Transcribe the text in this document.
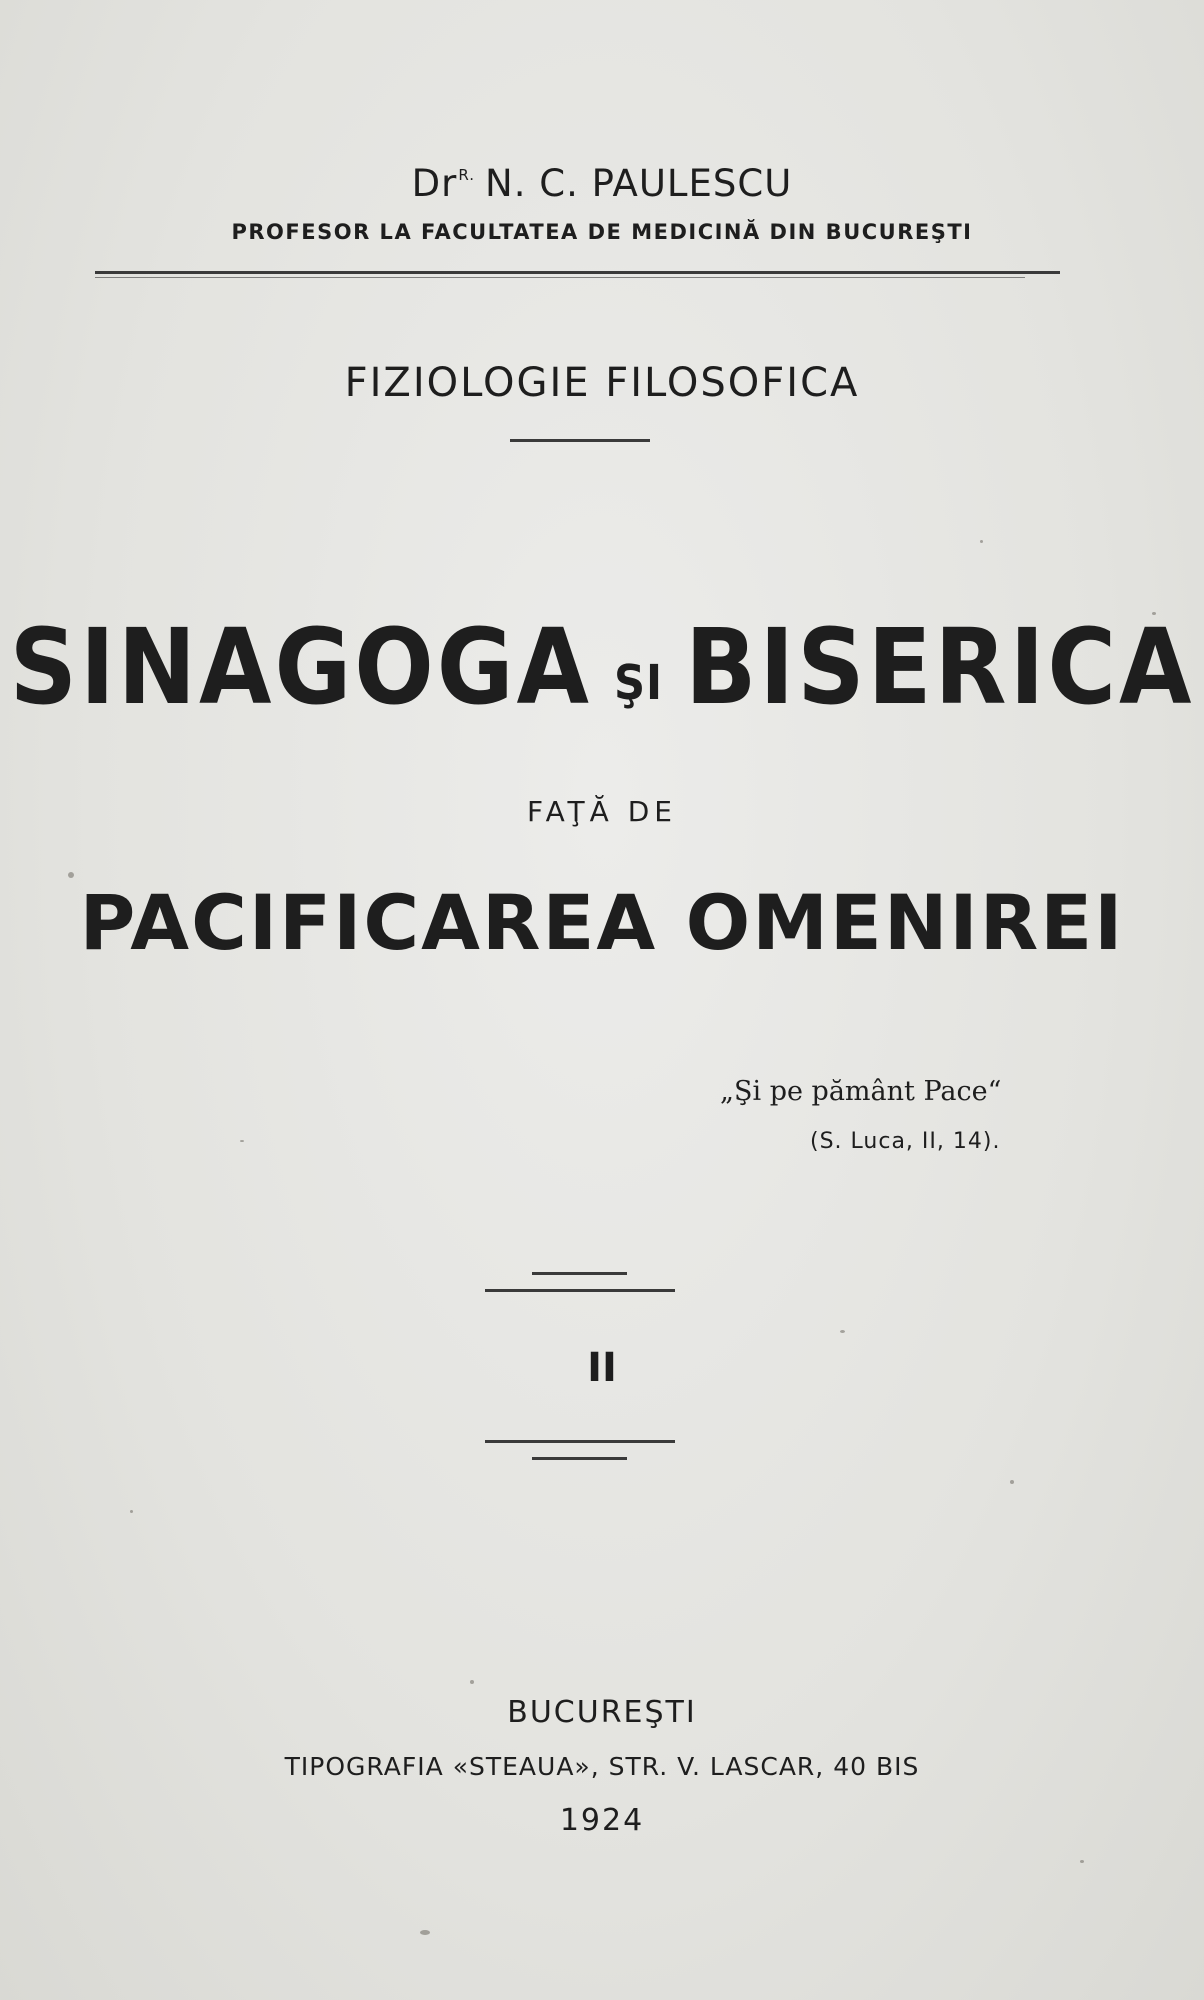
$Dr^{R.}$ N. C. PAULESCU
PROFESOR LA FACULTATEA DE MEDICINĂ DIN BUCUREŞTI
FIZIOLOGIE FILOSOFICA
SINAGOGA ŞI BISERICA
FAŢĂ DE
PACIFICAREA OMENIREI
„Şi pe pământ Pace“
(S. Luca, II, 14).
II
BUCUREŞTI
TIPOGRAFIA «STEAUA», STR. V. LASCAR, 40 BIS
1924
